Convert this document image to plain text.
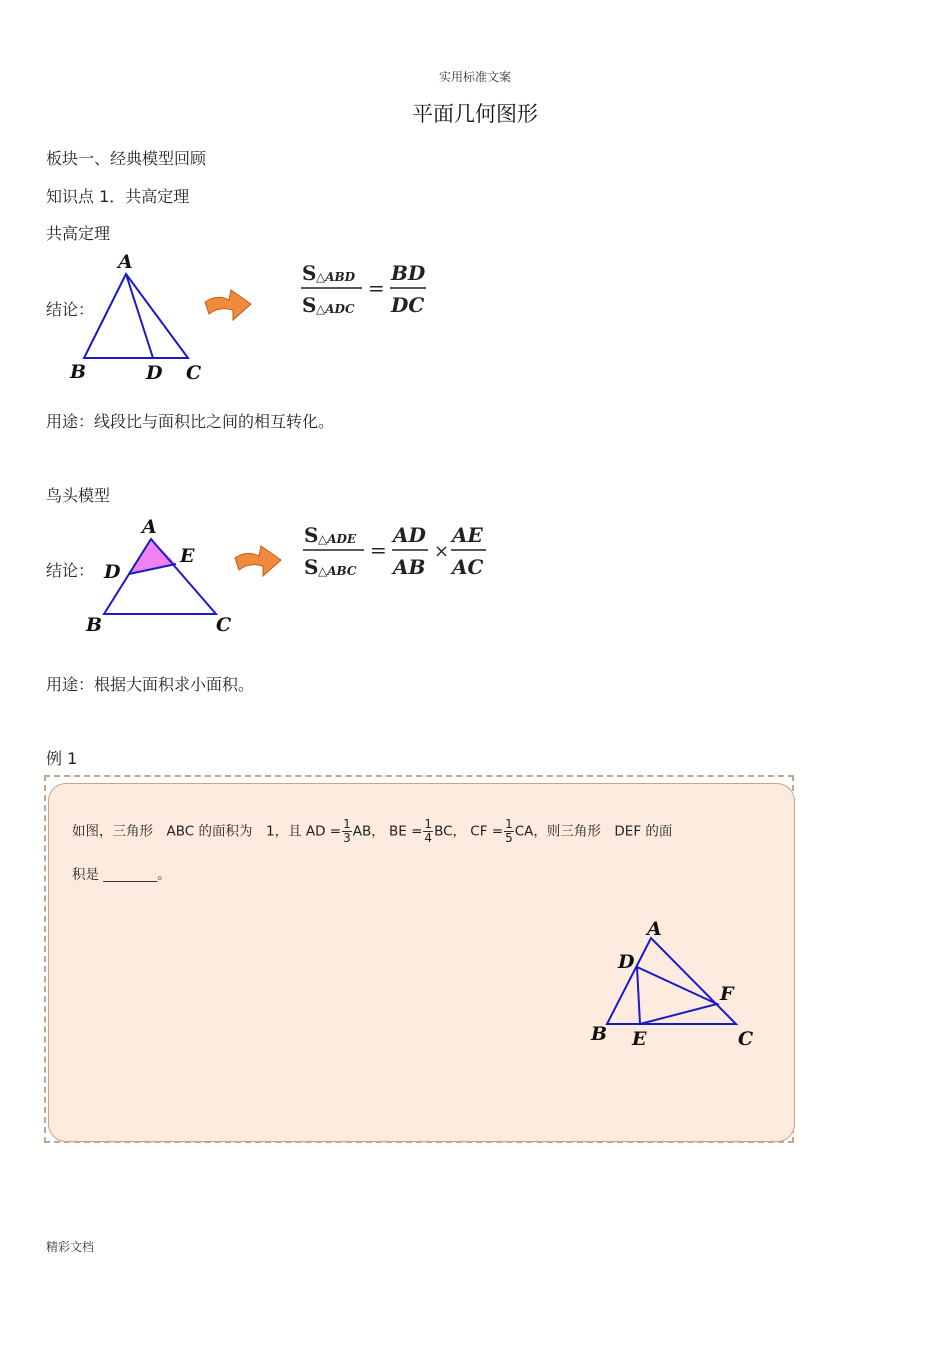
实用标准文案
平面几何图形
板块一、经典模型回顾
知识点 1．共高定理
共高定理
结论：
A
B	D C
S △ABD
S △ADC
=
BD
DC
用途：线段比与面积比之间的相互转化。
鸟头模型
结论：
A
D
E
B	C
S △ADE
S △ABC
=
AD
AB
×
AE
AC
用途：根据大面积求小面积。
例 1
如图，三角形　ABC 的面积为　1，且 AD = $\frac{1}{3}$ AB， BE = $\frac{1}{4}$ BC， CF = $\frac{1}{5}$ CA，则三角形　DEF 的面
积是 ________。
A
D
F
B E	C
精彩文档
